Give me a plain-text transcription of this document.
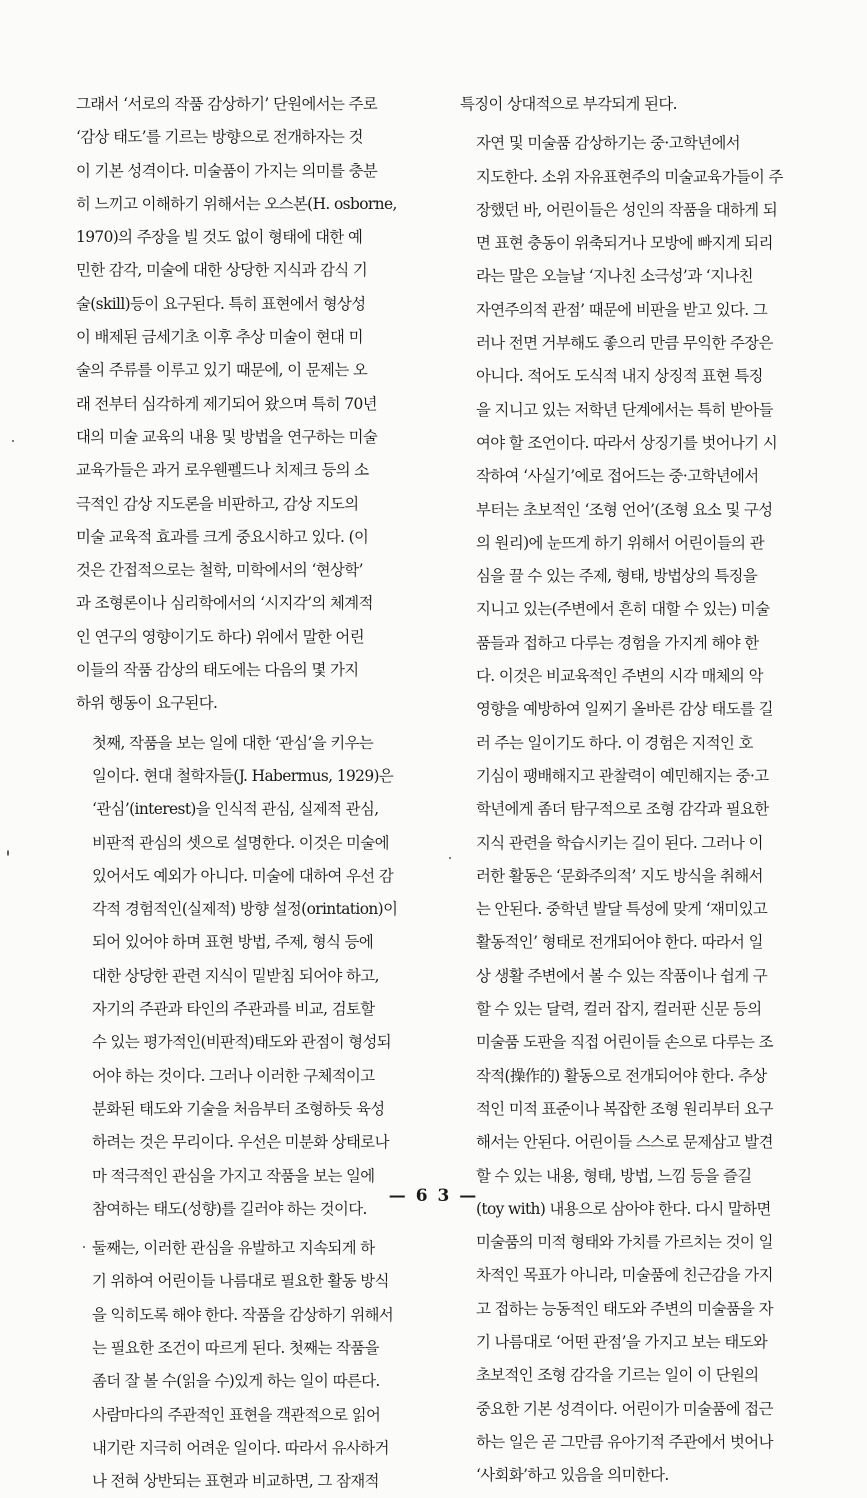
그래서 ‘서로의 작품 감상하기’ 단원에서는 주로
‘감상 태도’를 기르는 방향으로 전개하자는 것
이 기본 성격이다. 미술품이 가지는 의미를 충분
히 느끼고 이해하기 위해서는 오스본(H. osborne,
1970)의 주장을 빌 것도 없이 형태에 대한 예
민한 감각, 미술에 대한 상당한 지식과 감식 기
술(skill)등이 요구된다. 특히 표현에서 형상성
이 배제된 금세기초 이후 추상 미술이 현대 미
술의 주류를 이루고 있기 때문에, 이 문제는 오
래 전부터 심각하게 제기되어 왔으며 특히 70년
대의 미술 교육의 내용 및 방법을 연구하는 미술
교육가들은 과거 로우웬펠드나 치제크 등의 소
극적인 감상 지도론을 비판하고, 감상 지도의
미술 교육적 효과를 크게 중요시하고 있다. (이
것은 간접적으로는 철학, 미학에서의 ‘현상학’
과 조형론이나 심리학에서의 ‘시지각’의 체계적
인 연구의 영향이기도 하다) 위에서 말한 어린
이들의 작품 감상의 태도에는 다음의 몇 가지
하위 행동이 요구된다.

첫째, 작품을 보는 일에 대한 ‘관심’을 키우는
일이다. 현대 철학자들(J. Habermus, 1929)은
‘관심’(interest)을 인식적 관심, 실제적 관심,
비판적 관심의 셋으로 설명한다. 이것은 미술에
있어서도 예외가 아니다. 미술에 대하여 우선 감
각적 경험적인(실제적) 방향 설정(orintation)이
되어 있어야 하며 표현 방법, 주제, 형식 등에
대한 상당한 관련 지식이 밑받침 되어야 하고,
자기의 주관과 타인의 주관과를 비교, 검토할
수 있는 평가적인(비판적)태도와 관점이 형성되
어야 하는 것이다. 그러나 이러한 구체적이고
분화된 태도와 기술을 처음부터 조형하듯 육성
하려는 것은 무리이다. 우선은 미분화 상태로나
마 적극적인 관심을 가지고 작품을 보는 일에
참여하는 태도(성향)를 길러야 하는 것이다.

둘째는, 이러한 관심을 유발하고 지속되게 하
기 위하여 어린이들 나름대로 필요한 활동 방식
을 익히도록 해야 한다. 작품을 감상하기 위해서
는 필요한 조건이 따르게 된다. 첫째는 작품을
좀더 잘 볼 수(읽을 수)있게 하는 일이 따른다.
사람마다의 주관적인 표현을 객관적으로 읽어
내기란 지극히 어려운 일이다. 따라서 유사하거
나 전혀 상반되는 표현과 비교하면, 그 잠재적

특징이 상대적으로 부각되게 된다.

자연 및 미술품 감상하기는 중·고학년에서
지도한다. 소위 자유표현주의 미술교육가들이 주
장했던 바, 어린이들은 성인의 작품을 대하게 되
면 표현 충동이 위축되거나 모방에 빠지게 되리
라는 말은 오늘날 ‘지나친 소극성’과 ‘지나친
자연주의적 관점’ 때문에 비판을 받고 있다. 그
러나 전면 거부해도 좋으리 만큼 무익한 주장은
아니다. 적어도 도식적 내지 상징적 표현 특징
을 지니고 있는 저학년 단계에서는 특히 받아들
여야 할 조언이다. 따라서 상징기를 벗어나기 시
작하여 ‘사실기’에로 접어드는 중·고학년에서
부터는 초보적인 ‘조형 언어’(조형 요소 및 구성
의 원리)에 눈뜨게 하기 위해서 어린이들의 관
심을 끌 수 있는 주제, 형태, 방법상의 특징을
지니고 있는(주변에서 흔히 대할 수 있는) 미술
품들과 접하고 다루는 경험을 가지게 해야 한
다. 이것은 비교육적인 주변의 시각 매체의 악
영향을 예방하여 일찌기 올바른 감상 태도를 길
러 주는 일이기도 하다. 이 경험은 지적인 호
기심이 팽배해지고 관찰력이 예민해지는 중·고
학년에게 좀더 탐구적으로 조형 감각과 필요한
지식 관련을 학습시키는 길이 된다. 그러나 이
러한 활동은 ‘문화주의적’ 지도 방식을 취해서
는 안된다. 중학년 발달 특성에 맞게 ‘재미있고
활동적인’ 형태로 전개되어야 한다. 따라서 일
상 생활 주변에서 볼 수 있는 작품이나 쉽게 구
할 수 있는 달력, 컬러 잡지, 컬러판 신문 등의
미술품 도판을 직접 어린이들 손으로 다루는 조
작적(操作的) 활동으로 전개되어야 한다. 추상
적인 미적 표준이나 복잡한 조형 원리부터 요구
해서는 안된다. 어린이들 스스로 문제삼고 발견
할 수 있는 내용, 형태, 방법, 느낌 등을 즐길
(toy with) 내용으로 삼아야 한다. 다시 말하면
미술품의 미적 형태와 가치를 가르치는 것이 일
차적인 목표가 아니라, 미술품에 친근감을 가지
고 접하는 능동적인 태도와 주변의 미술품을 자
기 나름대로 ‘어떤 관점’을 가지고 보는 태도와
초보적인 조형 감각을 기르는 일이 이 단원의
중요한 기본 성격이다. 어린이가 미술품에 접근
하는 일은 곧 그만큼 유아기적 주관에서 벗어나
‘사회화’하고 있음을 의미한다.

— 6 3 —
